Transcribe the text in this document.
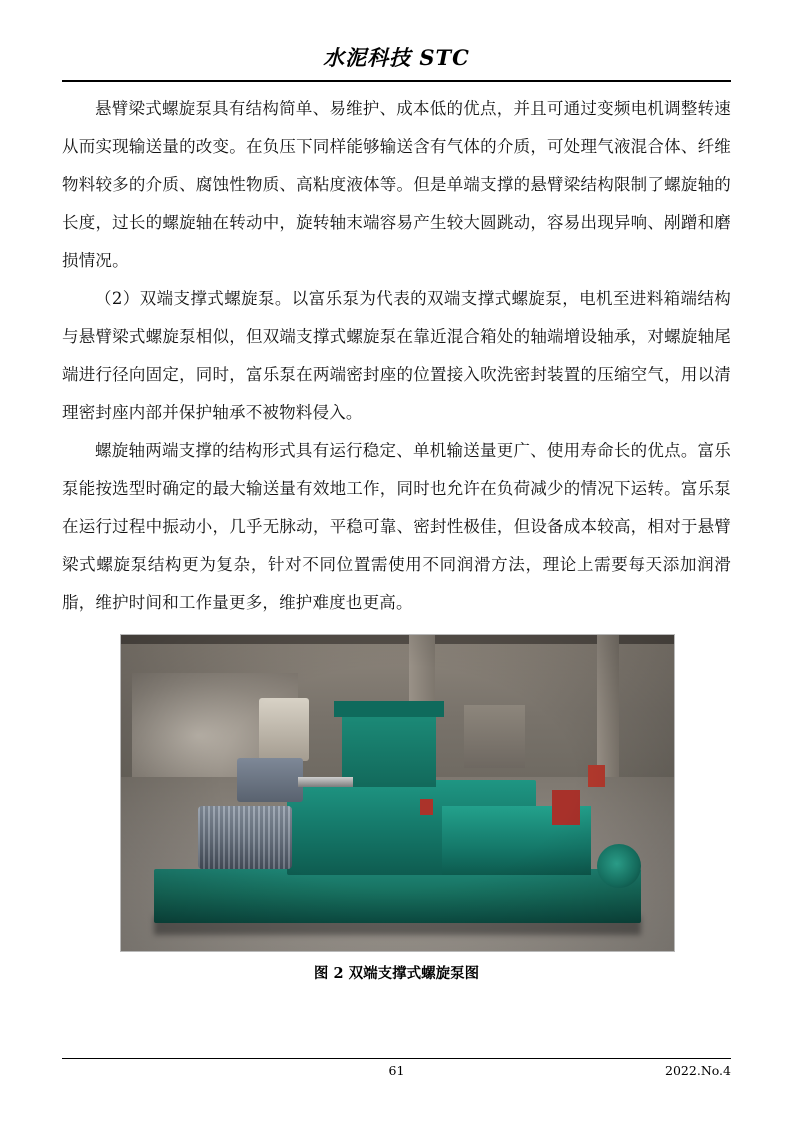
水泥科技 STC

悬臂梁式螺旋泵具有结构简单、易维护、成本低的优点，并且可通过变频电机调整转速从而实现输送量的改变。在负压下同样能够输送含有气体的介质，可处理气液混合体、纤维物料较多的介质、腐蚀性物质、高粘度液体等。但是单端支撑的悬臂梁结构限制了螺旋轴的长度，过长的螺旋轴在转动中，旋转轴末端容易产生较大圆跳动，容易出现异响、剐蹭和磨损情况。

（2）双端支撑式螺旋泵。以富乐泵为代表的双端支撑式螺旋泵，电机至进料箱端结构与悬臂梁式螺旋泵相似，但双端支撑式螺旋泵在靠近混合箱处的轴端增设轴承，对螺旋轴尾端进行径向固定，同时，富乐泵在两端密封座的位置接入吹洗密封装置的压缩空气，用以清理密封座内部并保护轴承不被物料侵入。

螺旋轴两端支撑的结构形式具有运行稳定、单机输送量更广、使用寿命长的优点。富乐泵能按选型时确定的最大输送量有效地工作，同时也允许在负荷减少的情况下运转。富乐泵在运行过程中振动小，几乎无脉动，平稳可靠、密封性极佳，但设备成本较高，相对于悬臂梁式螺旋泵结构更为复杂，针对不同位置需使用不同润滑方法，理论上需要每天添加润滑脂，维护时间和工作量更多，维护难度也更高。

图 2 双端支撑式螺旋泵图
61	2022.No.4
